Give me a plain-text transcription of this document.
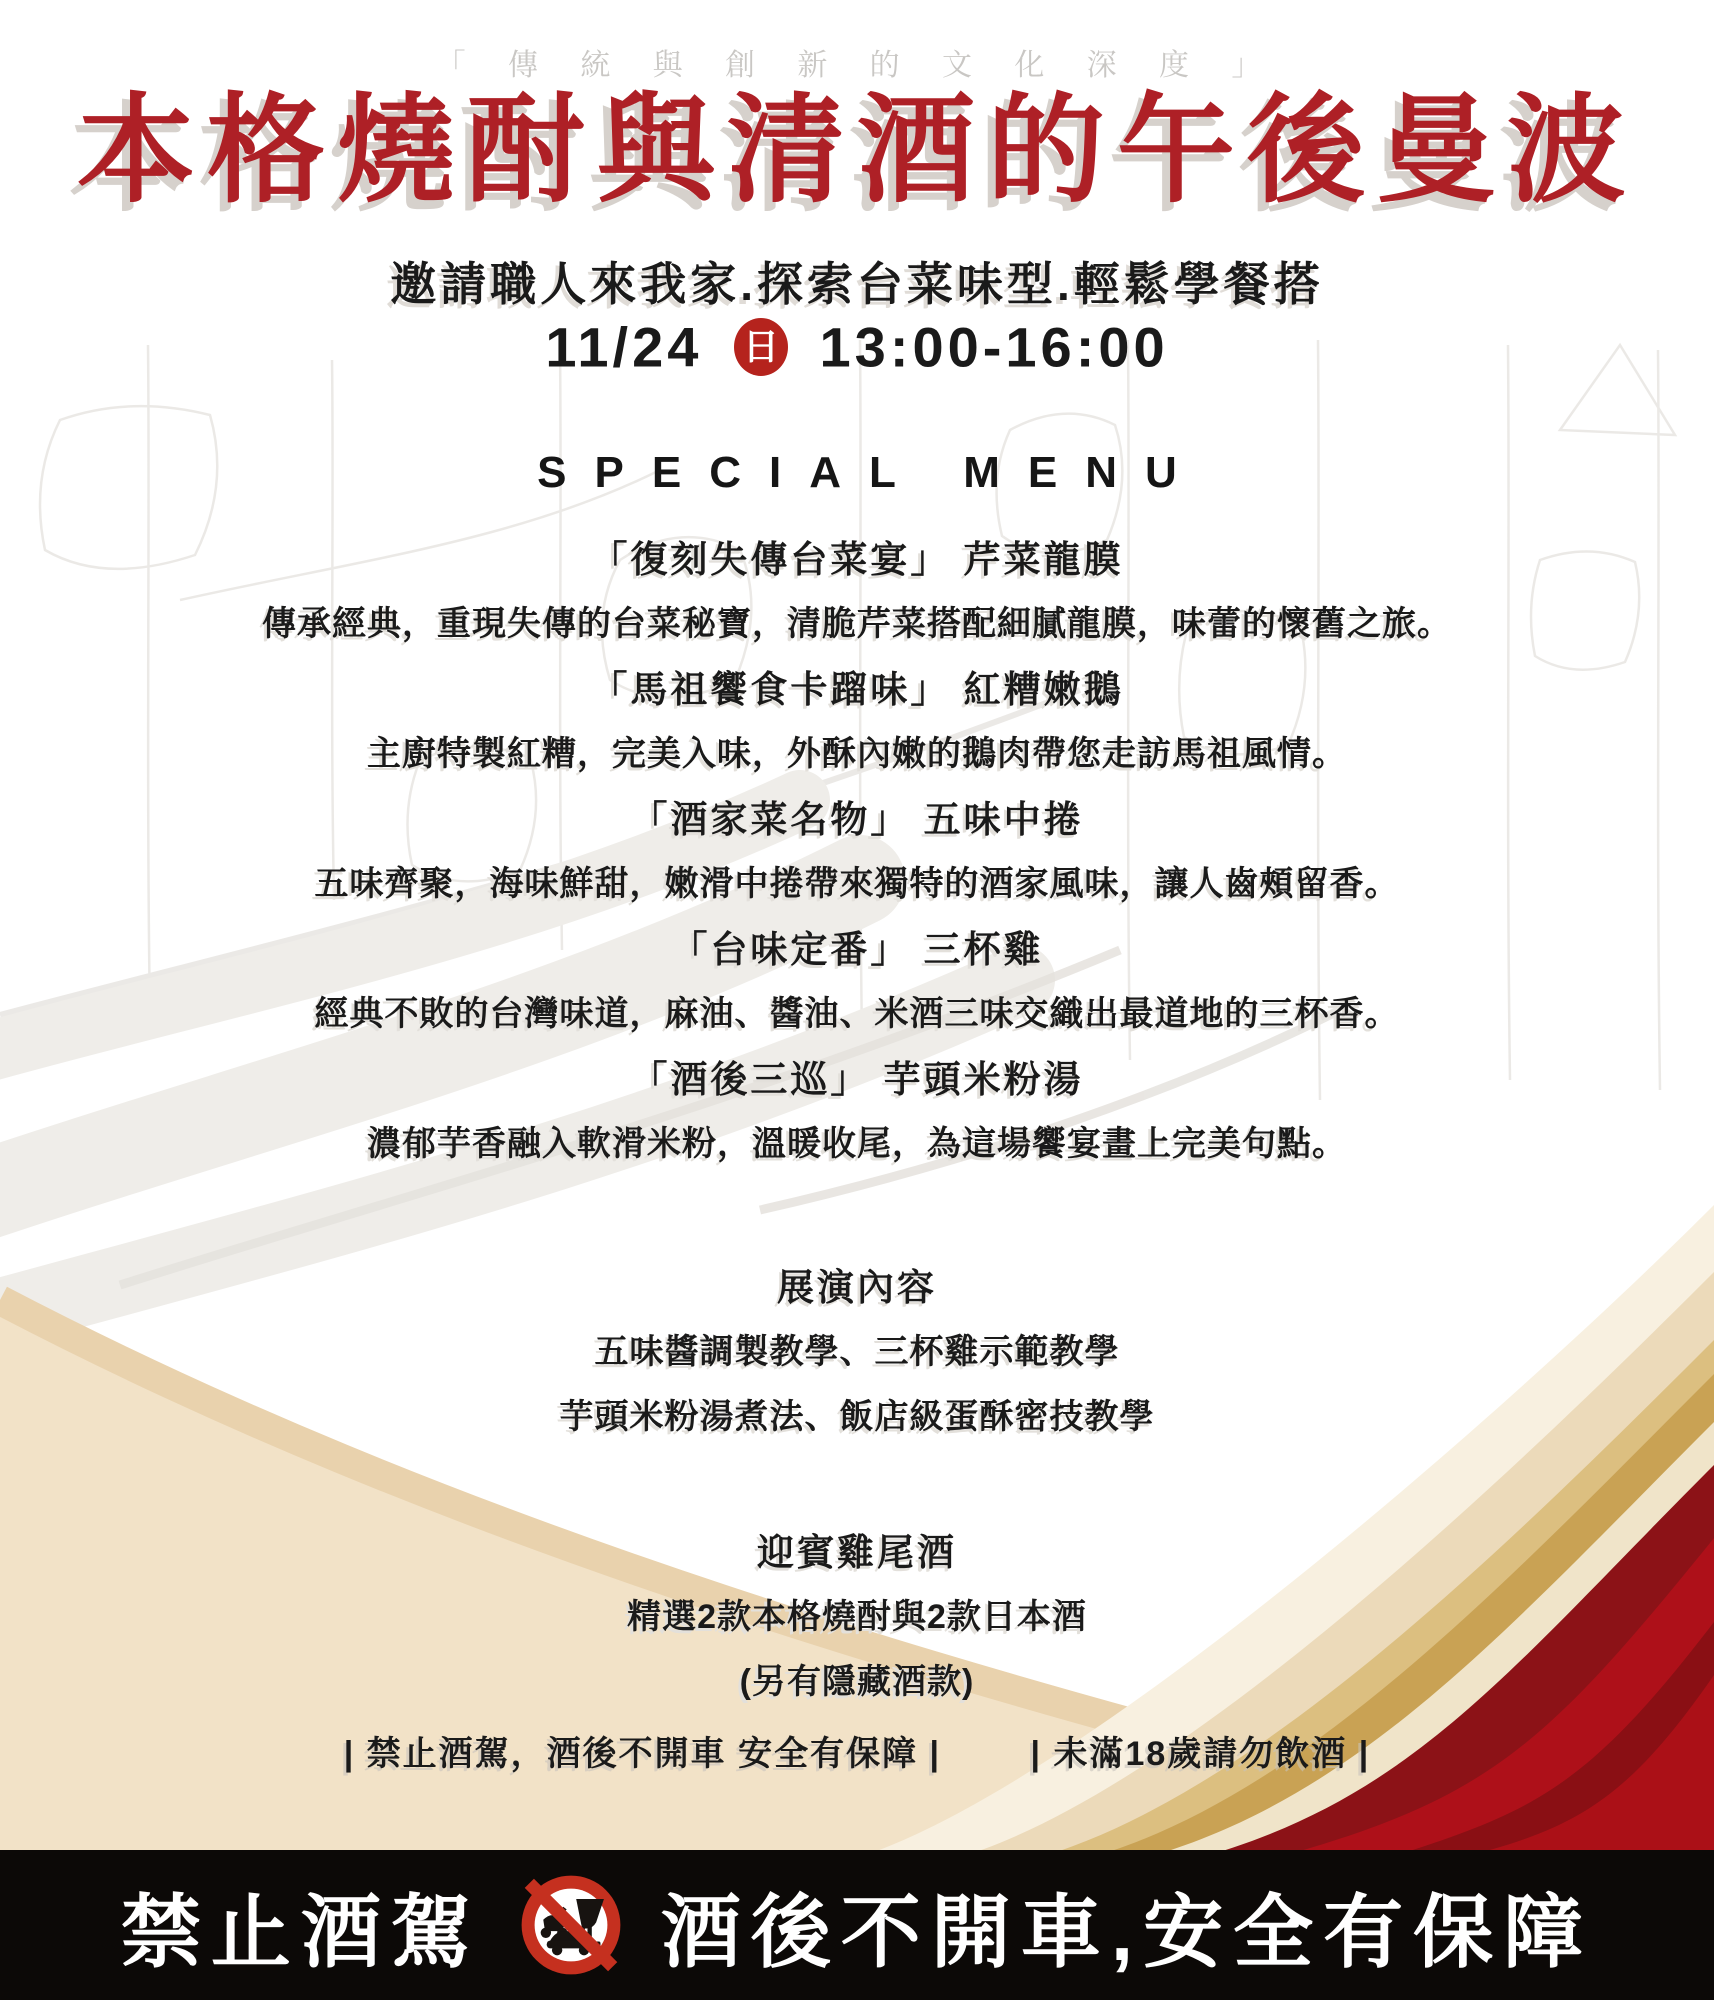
「 傳 統 與 創 新 的 文 化 深 度 」
本格燒酎與清酒的午後曼波
邀請職人來我家.探索台菜味型.輕鬆學餐搭
11/24 日 13:00-16:00
SPECIAL MENU
「復刻失傳台菜宴」 芹菜龍膜
傳承經典，重現失傳的台菜秘寶，清脆芹菜搭配細膩龍膜，味蕾的懷舊之旅。
「馬祖饗食卡蹓味」 紅糟嫩鵝
主廚特製紅糟，完美入味，外酥內嫩的鵝肉帶您走訪馬祖風情。
「酒家菜名物」 五味中捲
五味齊聚，海味鮮甜，嫩滑中捲帶來獨特的酒家風味，讓人齒頰留香。
「台味定番」 三杯雞
經典不敗的台灣味道，麻油、醬油、米酒三味交織出最道地的三杯香。
「酒後三巡」 芋頭米粉湯
濃郁芋香融入軟滑米粉，溫暖收尾，為這場饗宴畫上完美句點。
展演內容
五味醬調製教學、三杯雞示範教學
芋頭米粉湯煮法、飯店級蛋酥密技教學
迎賓雞尾酒
精選2款本格燒酎與2款日本酒
(另有隱藏酒款)
| 禁止酒駕，酒後不開車 安全有保障 |	| 未滿18歲請勿飲酒 |
禁止酒駕 酒後不開車,安全有保障
